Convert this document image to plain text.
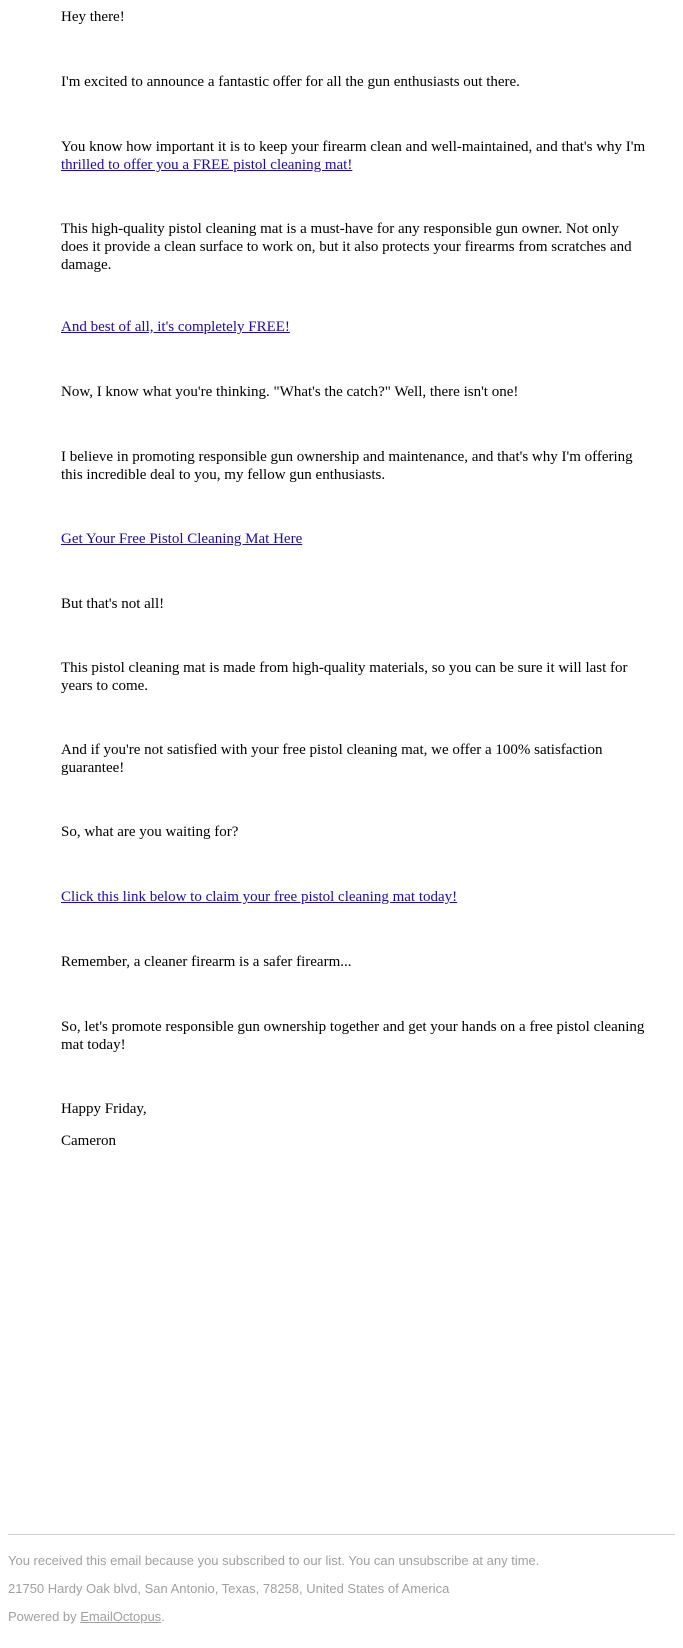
Hey there!

I'm excited to announce a fantastic offer for all the gun enthusiasts out there.

You know how important it is to keep your firearm clean and well-maintained, and that's why I'm thrilled to offer you a FREE pistol cleaning mat!

This high-quality pistol cleaning mat is a must-have for any responsible gun owner. Not only does it provide a clean surface to work on, but it also protects your firearms from scratches and damage.

And best of all, it's completely FREE!

Now, I know what you're thinking. "What's the catch?" Well, there isn't one!

I believe in promoting responsible gun ownership and maintenance, and that's why I'm offering this incredible deal to you, my fellow gun enthusiasts.

Get Your Free Pistol Cleaning Mat Here

But that's not all!

This pistol cleaning mat is made from high-quality materials, so you can be sure it will last for years to come.

And if you're not satisfied with your free pistol cleaning mat, we offer a 100% satisfaction guarantee!

So, what are you waiting for?

Click this link below to claim your free pistol cleaning mat today!

Remember, a cleaner firearm is a safer firearm...

So, let's promote responsible gun ownership together and get your hands on a free pistol cleaning mat today!

Happy Friday,

Cameron

You received this email because you subscribed to our list. You can unsubscribe at any time.

21750 Hardy Oak blvd, San Antonio, Texas, 78258, United States of America

Powered by EmailOctopus.
